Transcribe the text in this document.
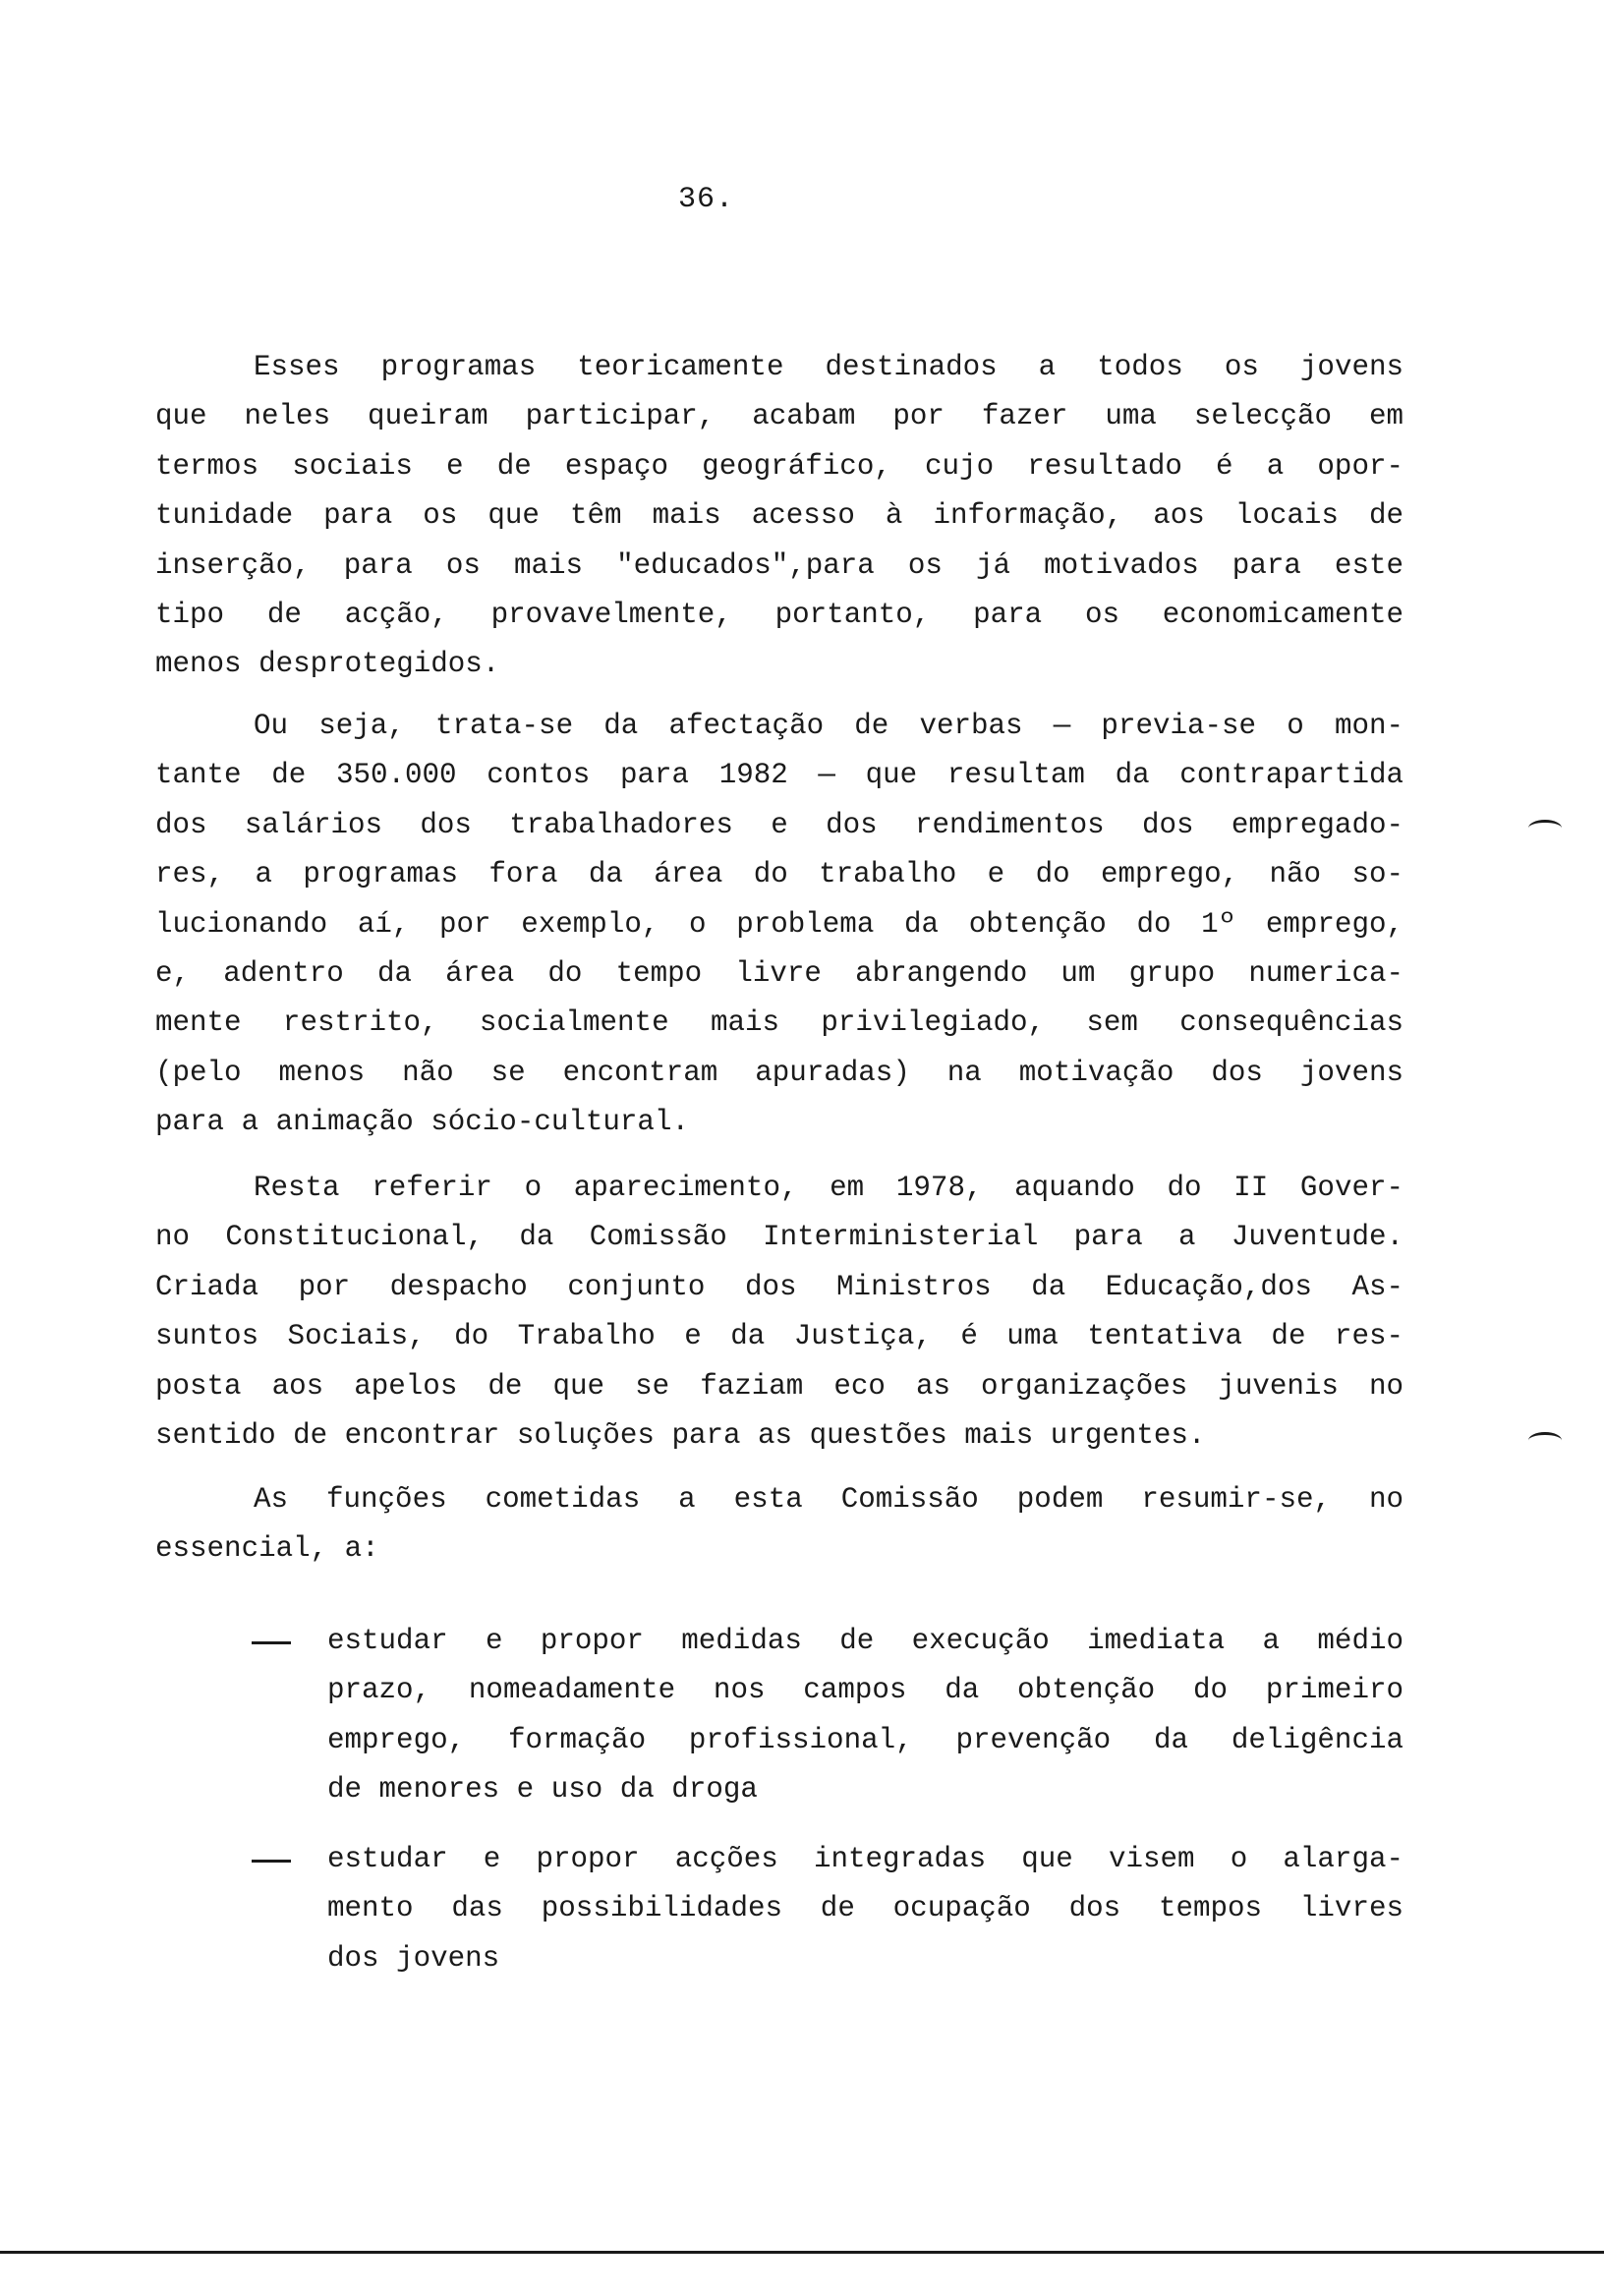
36.
Esses programas teoricamente destinados a todos os jovens
que neles queiram participar, acabam por fazer uma selecção em
termos sociais e de espaço geográfico, cujo resultado é a opor-
tunidade para os que têm mais acesso à informação, aos locais de
inserção, para os mais "educados",para os já motivados para este
tipo de acção, provavelmente, portanto, para os economicamente
menos desprotegidos.
Ou seja, trata-se da afectação de verbas — previa-se o mon-
tante de 350.000 contos para 1982 — que resultam da contrapartida
dos salários dos trabalhadores e dos rendimentos dos empregado-
res, a programas fora da área do trabalho e do emprego, não so-
lucionando aí, por exemplo, o problema da obtenção do 1º emprego,
e, adentro da área do tempo livre abrangendo um grupo numerica-
mente restrito, socialmente mais privilegiado, sem consequências
(pelo menos não se encontram apuradas) na motivação dos jovens
para a animação sócio-cultural.
Resta referir o aparecimento, em 1978, aquando do II Gover-
no Constitucional, da Comissão Interministerial para a Juventude.
Criada por despacho conjunto dos Ministros da Educação,dos As-
suntos Sociais, do Trabalho e da Justiça, é uma tentativa de res-
posta aos apelos de que se faziam eco as organizações juvenis no
sentido de encontrar soluções para as questões mais urgentes.
As funções cometidas a esta Comissão podem resumir-se, no
essencial, a:
estudar e propor medidas de execução imediata a médio
prazo, nomeadamente nos campos da obtenção do primeiro
emprego, formação profissional, prevenção da deligência
de menores e uso da droga
estudar e propor acções integradas que visem o alarga-
mento das possibilidades de ocupação dos tempos livres
dos jovens
